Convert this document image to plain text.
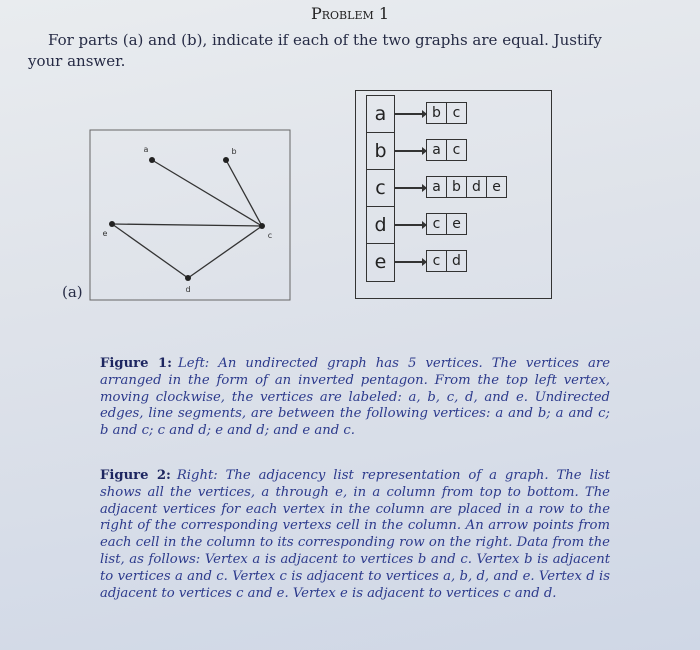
Problem 1
For parts (a) and (b), indicate if each of the two graphs are equal. Justify your answer.
a	b
c
d
e
(a)
a
b
c
d
e
b c
a c
a b d e
c e
c d
Figure 1: Left: An undirected graph has 5 vertices. The vertices are arranged in the form of an inverted pentagon. From the top left vertex, moving clockwise, the vertices are labeled: a, b, c, d, and e. Undirected edges, line segments, are between the following vertices: a and b; a and c; b and c; c and d; e and d; and e and c.
Figure 2: Right: The adjacency list representation of a graph. The list shows all the vertices, a through e, in a column from top to bottom. The adjacent vertices for each vertex in the column are placed in a row to the right of the corresponding vertexs cell in the column. An arrow points from each cell in the column to its corresponding row on the right. Data from the list, as follows: Vertex a is adjacent to vertices b and c. Vertex b is adjacent to vertices a and c. Vertex c is adjacent to vertices a, b, d, and e. Vertex d is adjacent to vertices c and e. Vertex e is adjacent to vertices c and d.
